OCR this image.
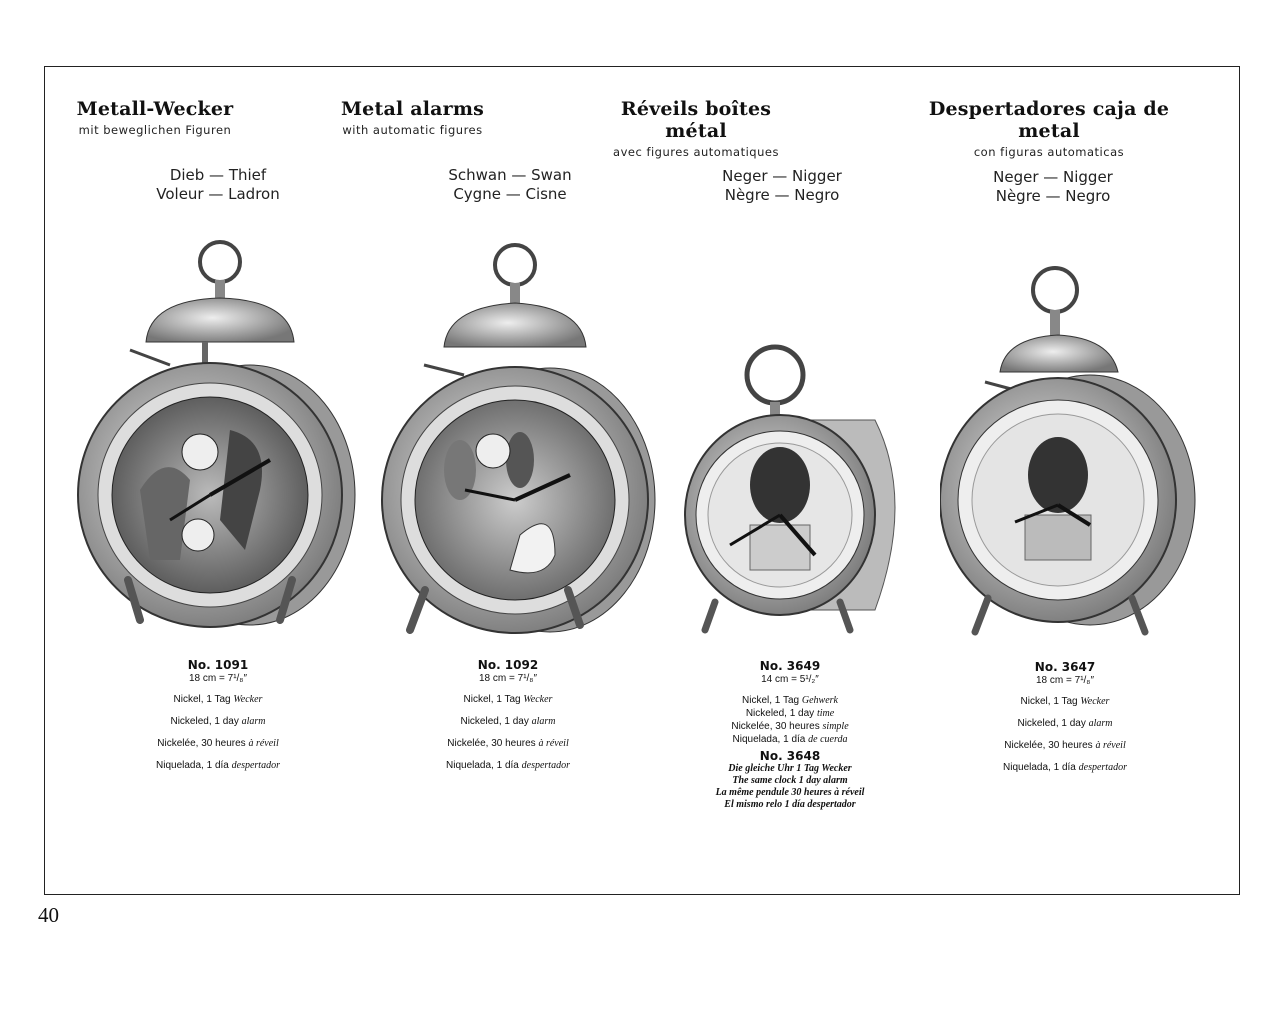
Metall-Wecker
mit beweglichen Figuren
Metal alarms
with automatic figures
Réveils boîtes métal
avec figures automatiques
Despertadores caja de metal
con figuras automaticas
Dieb — Thief
Voleur — Ladron
Schwan — Swan
Cygne — Cisne
Neger — Nigger
Nègre — Negro
Neger — Nigger
Nègre — Negro
No. 1091
18 cm = 7¹/₈″
Nickel, 1 Tag Wecker
Nickeled, 1 day alarm
Nickelée, 30 heures à réveil
Niquelada, 1 día despertador
No. 1092
18 cm = 7¹/₈″
Nickel, 1 Tag Wecker
Nickeled, 1 day alarm
Nickelée, 30 heures à réveil
Niquelada, 1 día despertador
No. 3649
14 cm = 5¹/₂″
Nickel, 1 Tag Gehwerk
Nickeled, 1 day time
Nickelée, 30 heures simple
Niquelada, 1 día de cuerda
No. 3648
Die gleiche Uhr 1 Tag Wecker
The same clock 1 day alarm
La même pendule 30 heures à réveil
El mismo relo 1 día despertador
No. 3647
18 cm = 7¹/₈″
Nickel, 1 Tag Wecker
Nickeled, 1 day alarm
Nickelée, 30 heures à réveil
Niquelada, 1 día despertador
40
